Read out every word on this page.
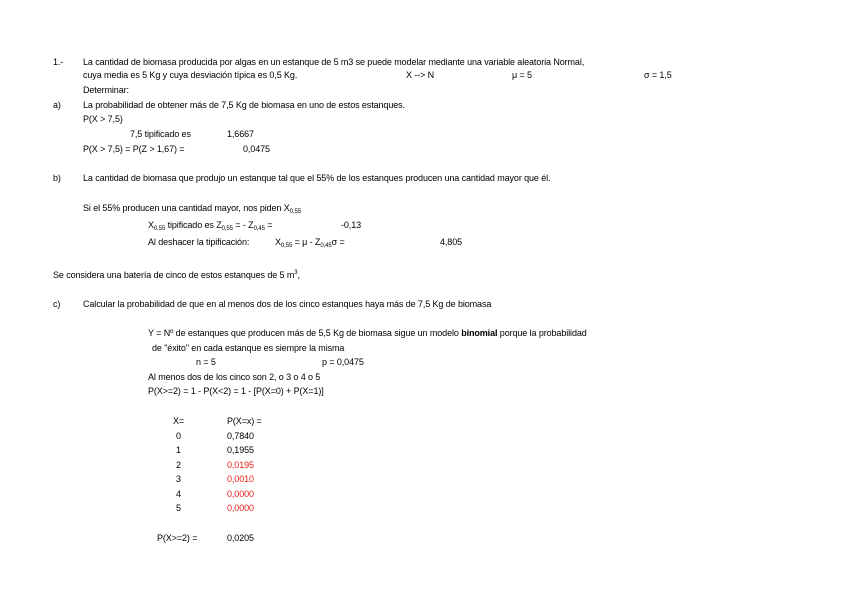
1.- La cantidad de biomasa producida por algas en un estanque de 5 m3 se puede modelar mediante una variable aleatoria Normal,
cuya media es 5 Kg y cuya desviación típica es 0,5 Kg.	X --> N	μ = 5	σ = 1,5
Determinar:
a) La probabilidad de obtener más de 7,5 Kg de biomasa en uno de estos estanques.
P(X > 7,5)
7,5 tipificado es	1,6667
P(X > 7,5) = P(Z > 1,67) =	0,0475
b) La cantidad de biomasa que produjo un estanque tal que el 55% de los estanques producen una cantidad mayor que él.
Si el 55% producen una cantidad mayor, nos piden $X_{0,55}$
$X_{0,55}$ tipificado es $Z_{0,55}$ = - $Z_{0,45}$ =	-0,13
Al deshacer la tipificación:	$X_{0,55} = \mu - Z_{0,45}\sigma$ =	4,805
Se considera una batería de cinco de estos estanques de 5 $m^3$,
c)	Calcular la probabilidad de que en al menos dos de los cinco estanques haya más de 7,5 Kg de biomasa
Y = Nº de estanques que producen más de 5,5 Kg de biomasa sigue un modelo binomial porque la probabilidad
de "éxito" en cada estanque es siempre la misma
n = 5	p = 0,0475
Al menos dos de los cinco son 2, o 3 o 4 o 5
P(X>=2) = 1 - P(X<2) = 1 - [P(X=0) + P(X=1)]
X=	P(X=x) =
0	0,7840
1	0,1955
2	0,0195
3	0,0010
4	0,0000
5	0,0000
P(X>=2) =	0,0205
